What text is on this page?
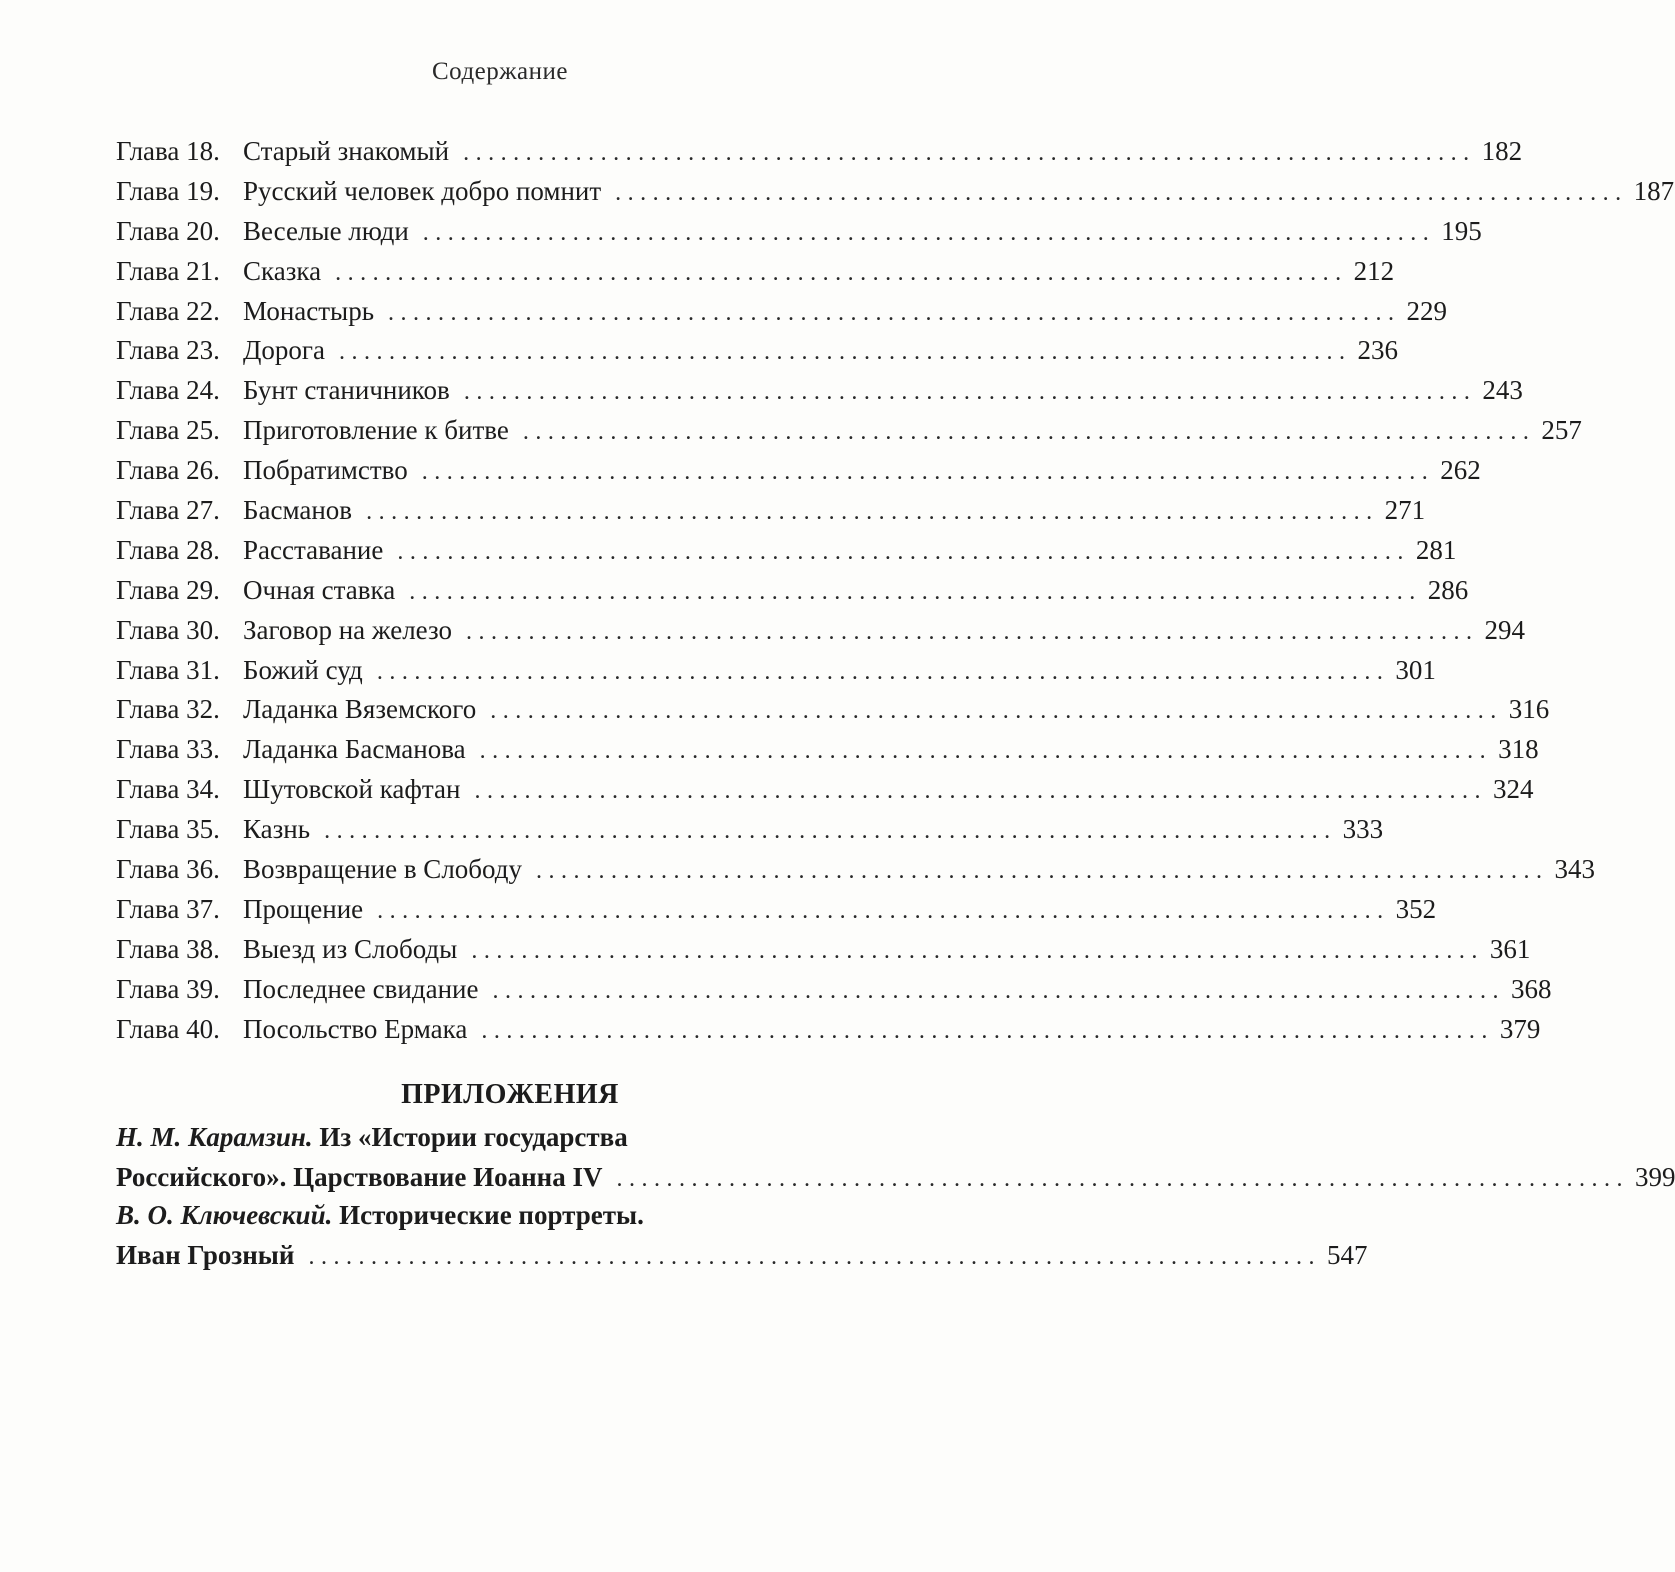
Содержание
Глава 18. Старый знакомый ................................................................................. 182
Глава 19. Русский человек добро помнит ................................................................................. 187
Глава 20. Веселые люди ................................................................................. 195
Глава 21. Сказка ................................................................................. 212
Глава 22. Монастырь ................................................................................. 229
Глава 23. Дорога ................................................................................. 236
Глава 24. Бунт станичников ................................................................................. 243
Глава 25. Приготовление к битве ................................................................................. 257
Глава 26. Побратимство ................................................................................. 262
Глава 27. Басманов ................................................................................. 271
Глава 28. Расставание ................................................................................. 281
Глава 29. Очная ставка ................................................................................. 286
Глава 30. Заговор на железо ................................................................................. 294
Глава 31. Божий суд ................................................................................. 301
Глава 32. Ладанка Вяземского ................................................................................. 316
Глава 33. Ладанка Басманова ................................................................................. 318
Глава 34. Шутовской кафтан ................................................................................. 324
Глава 35. Казнь ................................................................................. 333
Глава 36. Возвращение в Слободу ................................................................................. 343
Глава 37. Прощение ................................................................................. 352
Глава 38. Выезд из Слободы ................................................................................. 361
Глава 39. Последнее свидание ................................................................................. 368
Глава 40. Посольство Ермака ................................................................................. 379
ПРИЛОЖЕНИЯ
Н. М. Карамзин.
Из «Истории государства
Российского». Царствование Иоанна IV ................................................................................. 399
В. О. Ключевский.
Исторические портреты.
Иван Грозный ................................................................................. 547
